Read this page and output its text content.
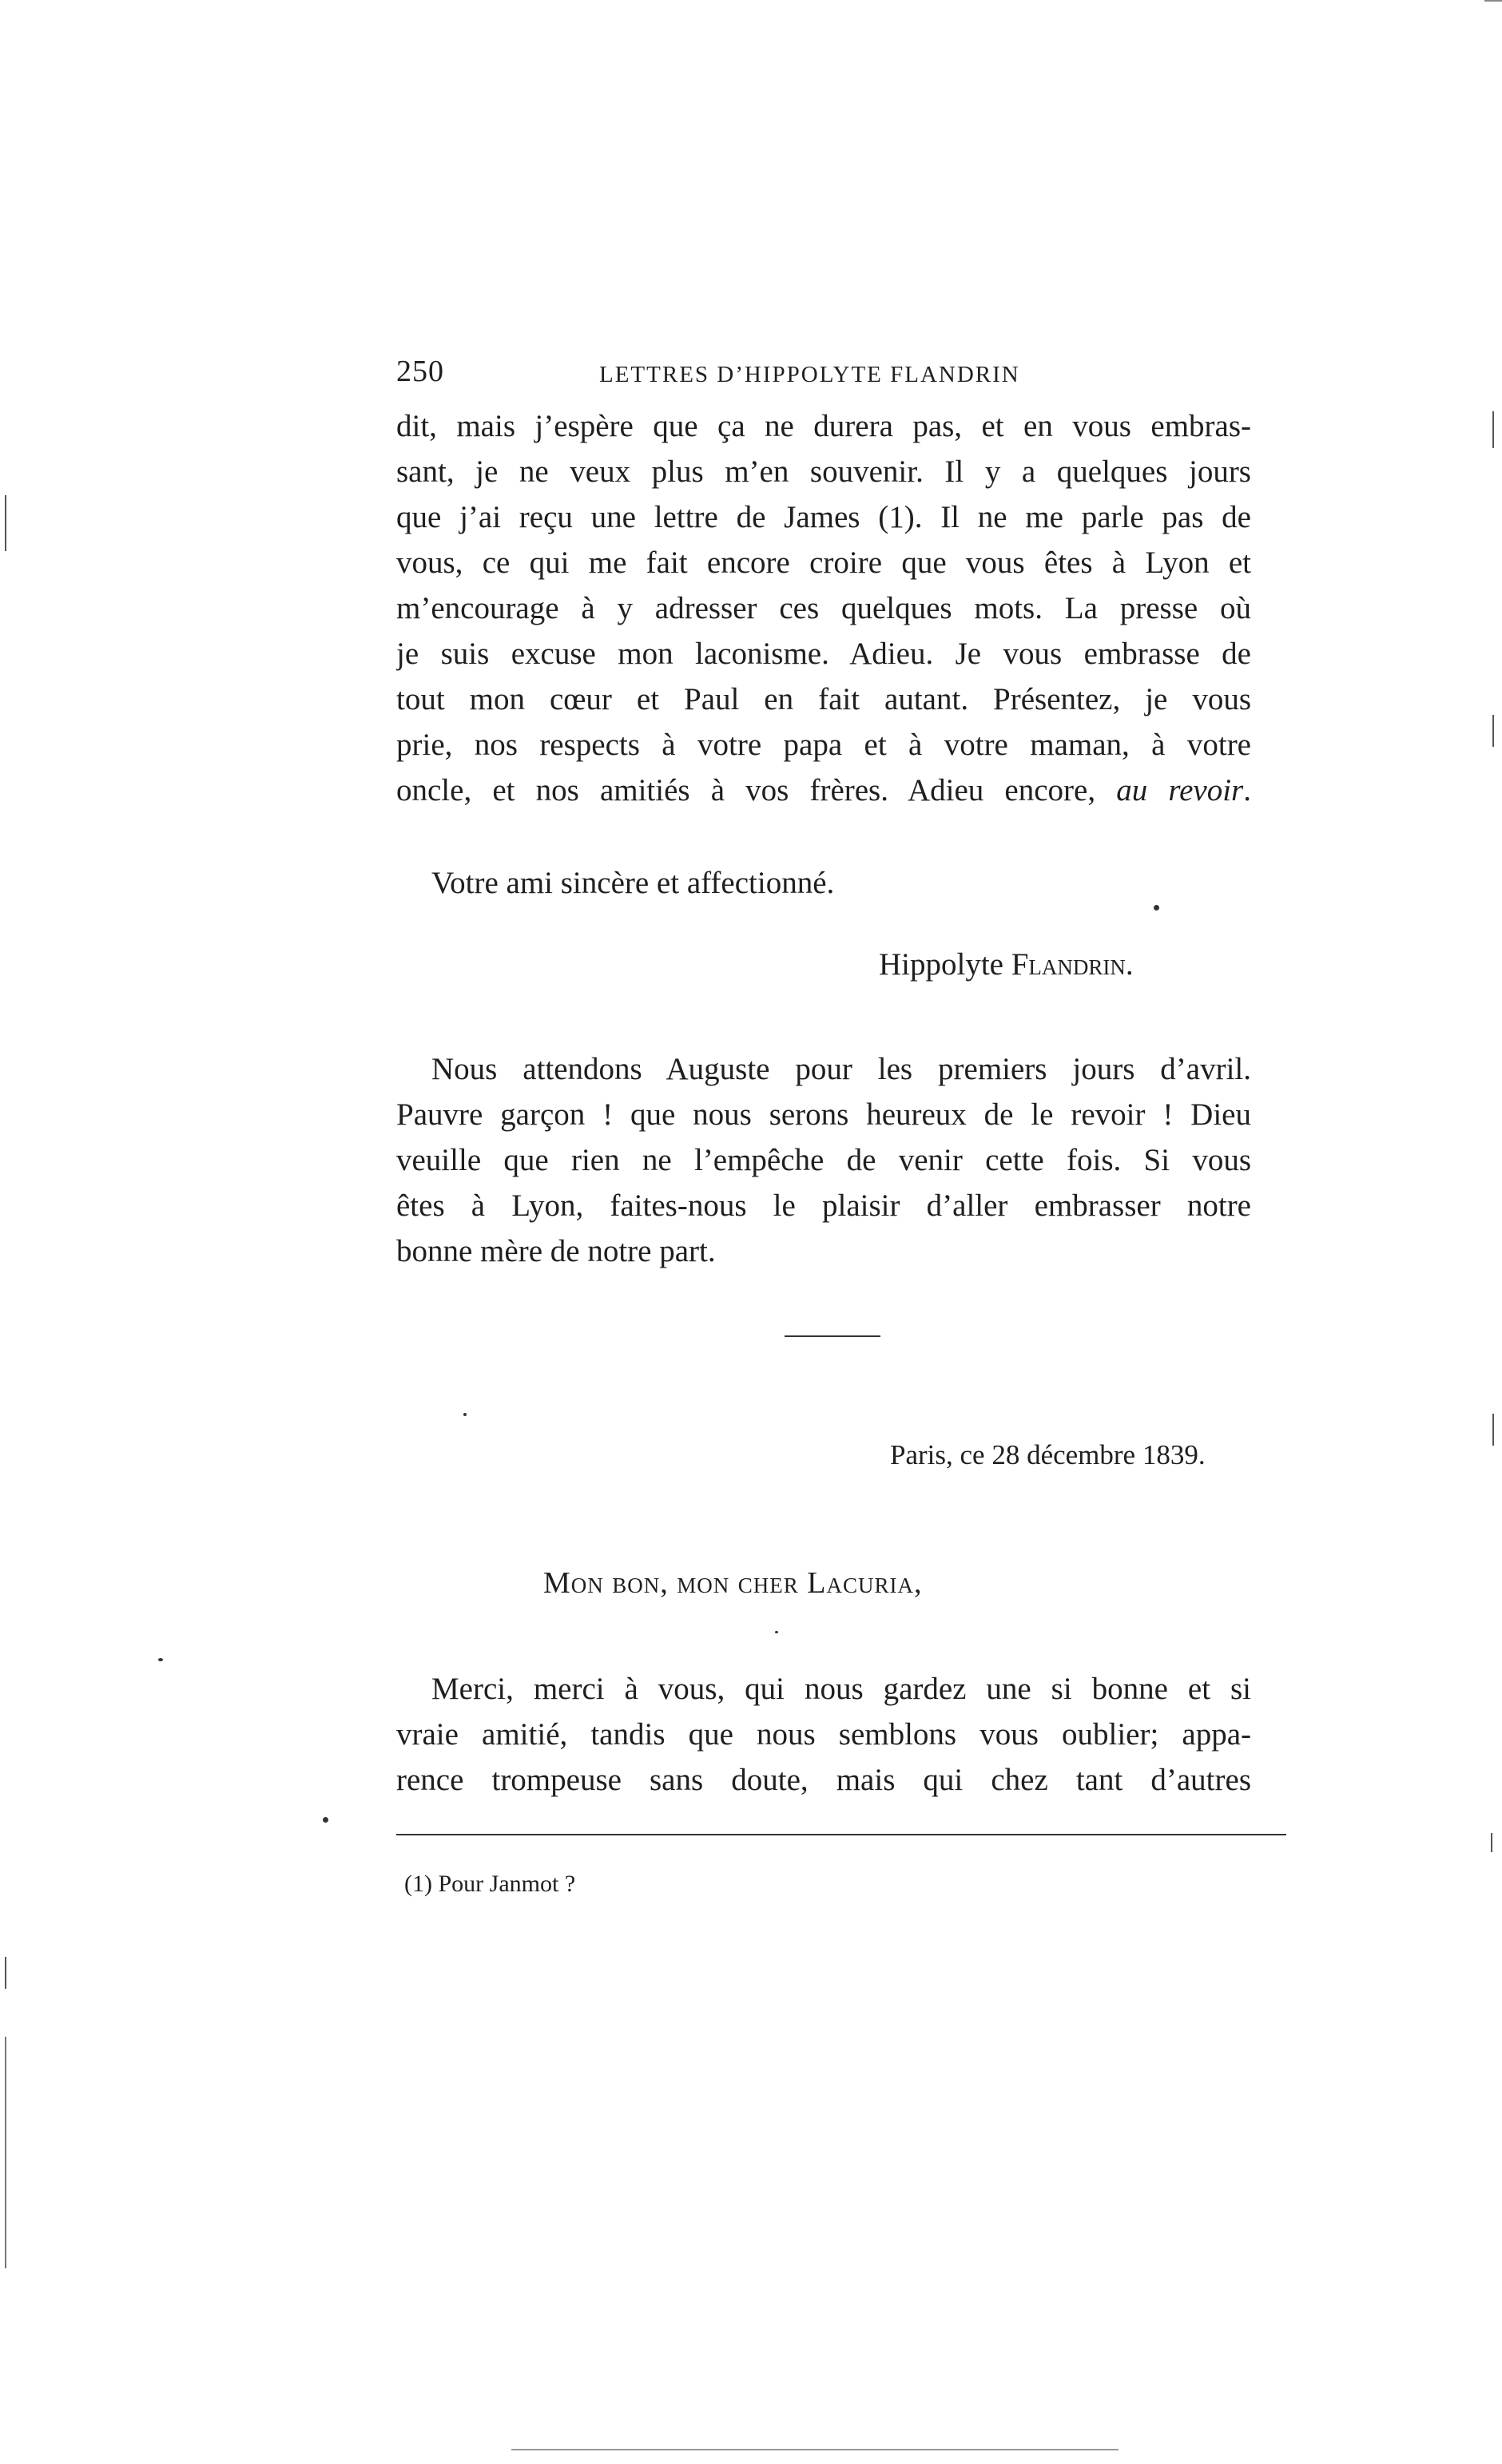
250	LETTRES D’HIPPOLYTE FLANDRIN
dit, mais j’espère que ça ne durera pas, et en vous embras-
sant, je ne veux plus m’en souvenir. Il y a quelques jours
que j’ai reçu une lettre de James (1). Il ne me parle pas de
vous, ce qui me fait encore croire que vous êtes à Lyon et
m’encourage à y adresser ces quelques mots. La presse où
je suis excuse mon laconisme. Adieu. Je vous embrasse de
tout mon cœur et Paul en fait autant. Présentez, je vous
prie, nos respects à votre papa et à votre maman, à votre
oncle, et nos amitiés à vos frères. Adieu encore, au revoir.
Votre ami sincère et affectionné.
Hippolyte Flandrin.
Nous attendons Auguste pour les premiers jours d’avril.
Pauvre garçon ! que nous serons heureux de le revoir ! Dieu
veuille que rien ne l’empêche de venir cette fois. Si vous
êtes à Lyon, faites-nous le plaisir d’aller embrasser notre
bonne mère de notre part.
Paris, ce 28 décembre 1839.
Mon bon, mon cher Lacuria,
Merci, merci à vous, qui nous gardez une si bonne et si
vraie amitié, tandis que nous semblons vous oublier; appa-
rence trompeuse sans doute, mais qui chez tant d’autres
(1) Pour Janmot ?
